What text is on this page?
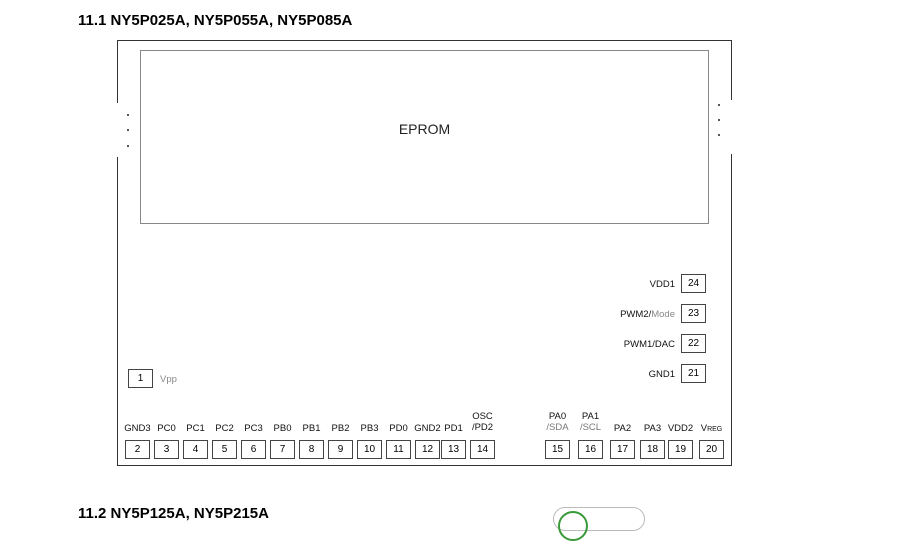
11.1 NY5P025A, NY5P055A, NY5P085A
EPROM
1	Vpp
24
VDD1
23
PWM2/Mode
22
PWM1/DAC
21
GND1
2
GND3
3
PC0
4
PC1
5
PC2
6
PC3
7
PB0
8
PB1
9
PB2
10
PB3
11
PD0
12
GND2
13
PD1
14
OSC
/PD2
15
PA0
/SDA
16
PA1
/SCL
17
PA2
18
PA3
19
VDD2
20
VREG
11.2 NY5P125A, NY5P215A
